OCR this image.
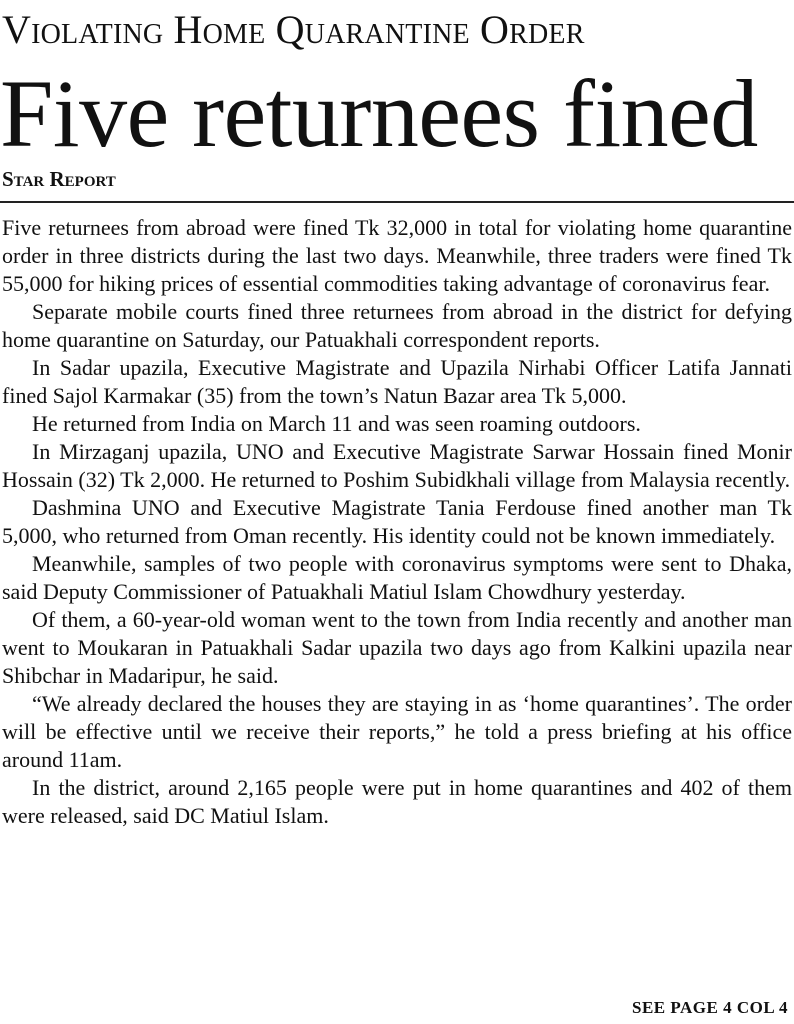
Violating Home Quarantine Order
Five returnees fined
Star Report

Five returnees from abroad were fined Tk 32,000 in total for violating home quarantine order in three districts during the last two days. Meanwhile, three traders were fined Tk 55,000 for hiking prices of essential commodities taking advantage of coronavirus fear.

Separate mobile courts fined three returnees from abroad in the district for defying home quarantine on Saturday, our Patuakhali correspondent reports.

In Sadar upazila, Executive Magistrate and Upazila Nirhabi Officer Latifa Jannati fined Sajol Karmakar (35) from the town’s Natun Bazar area Tk 5,000.

He returned from India on March 11 and was seen roaming outdoors.

In Mirzaganj upazila, UNO and Executive Magistrate Sarwar Hossain fined Monir Hossain (32) Tk 2,000. He returned to Poshim Subidkhali village from Malaysia recently.

Dashmina UNO and Executive Magistrate Tania Ferdouse fined another man Tk 5,000, who returned from Oman recently. His identity could not be known immediately.

Meanwhile, samples of two people with coronavirus symptoms were sent to Dhaka, said Deputy Commissioner of Patuakhali Matiul Islam Chowdhury yesterday.

Of them, a 60-year-old woman went to the town from India recently and another man went to Moukaran in Patuakhali Sadar upazila two days ago from Kalkini upazila near Shibchar in Madaripur, he said.

“We already declared the houses they are staying in as ‘home quarantines’. The order will be effective until we receive their reports,” he told a press briefing at his office around 11am.

In the district, around 2,165 people were put in home quarantines and 402 of them were released, said DC Matiul Islam.

SEE PAGE 4 COL 4
